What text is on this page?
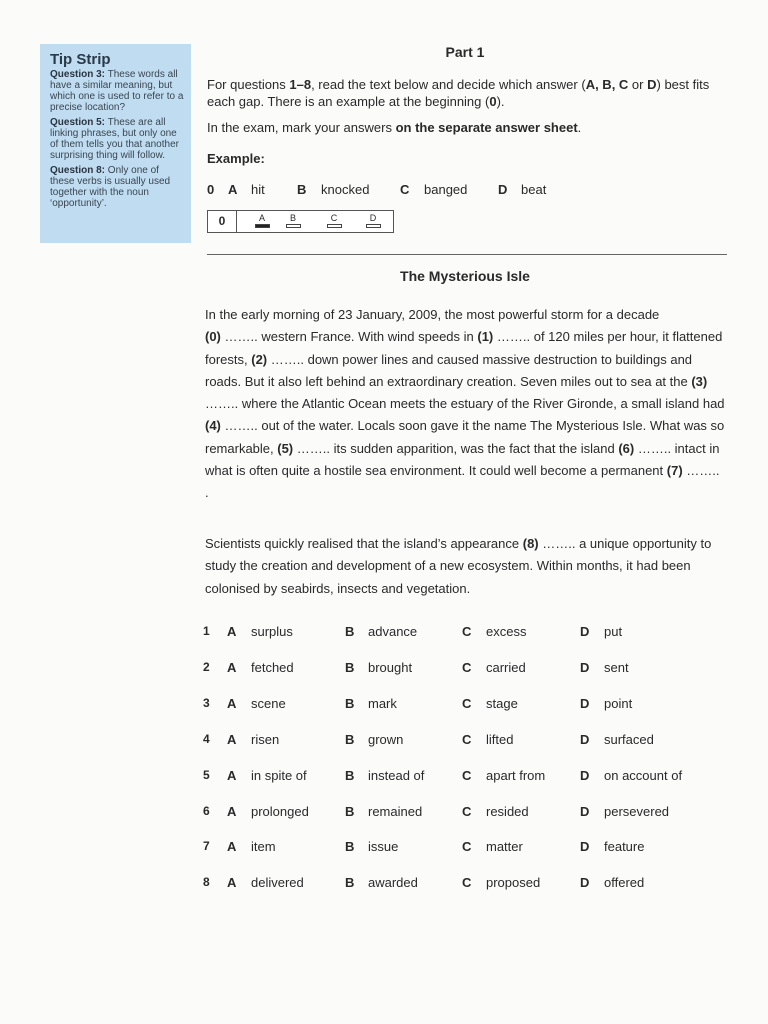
Tip Strip
Question 3: These words all have a similar meaning, but which one is used to refer to a precise location?
Question 5: These are all linking phrases, but only one of them tells you that another surprising thing will follow.
Question 8: Only one of these verbs is usually used together with the noun ‘opportunity’.
Part 1
For questions 1–8, read the text below and decide which answer (A, B, C or D) best fits each gap. There is an example at the beginning (0).
In the exam, mark your answers on the separate answer sheet.
Example:
0 A hit B knocked C banged D beat
0	A	B	C	D
The Mysterious Isle
In the early morning of 23 January, 2009, the most powerful storm for a decade
(0) …….. western France. With wind speeds in (1) …….. of 120 miles per hour, it flattened forests, (2) …….. down power lines and caused massive destruction to buildings and roads. But it also left behind an extraordinary creation. Seven miles out to sea at the (3) …….. where the Atlantic Ocean meets the estuary of the River Gironde, a small island had (4) …….. out of the water. Locals soon gave it the name The Mysterious Isle. What was so remarkable, (5) …….. its sudden apparition, was the fact that the island (6) …….. intact in what is often quite a hostile sea environment. It could well become a permanent (7) …….. .
Scientists quickly realised that the island’s appearance (8) …….. a unique opportunity to study the creation and development of a new ecosystem. Within months, it had been colonised by seabirds, insects and vegetation.
1 A surplus	B advance	C excess	D put
2 A fetched	B brought	C carried	D sent
3 A scene	B mark	C stage	D point
4 A risen	B grown	C lifted	D surfaced
5 A in spite of	B instead of	C apart from	D on account of
6 A prolonged	B remained	C resided	D persevered
7 A item	B issue	C matter	D feature
8 A delivered	B awarded	C proposed	D offered
